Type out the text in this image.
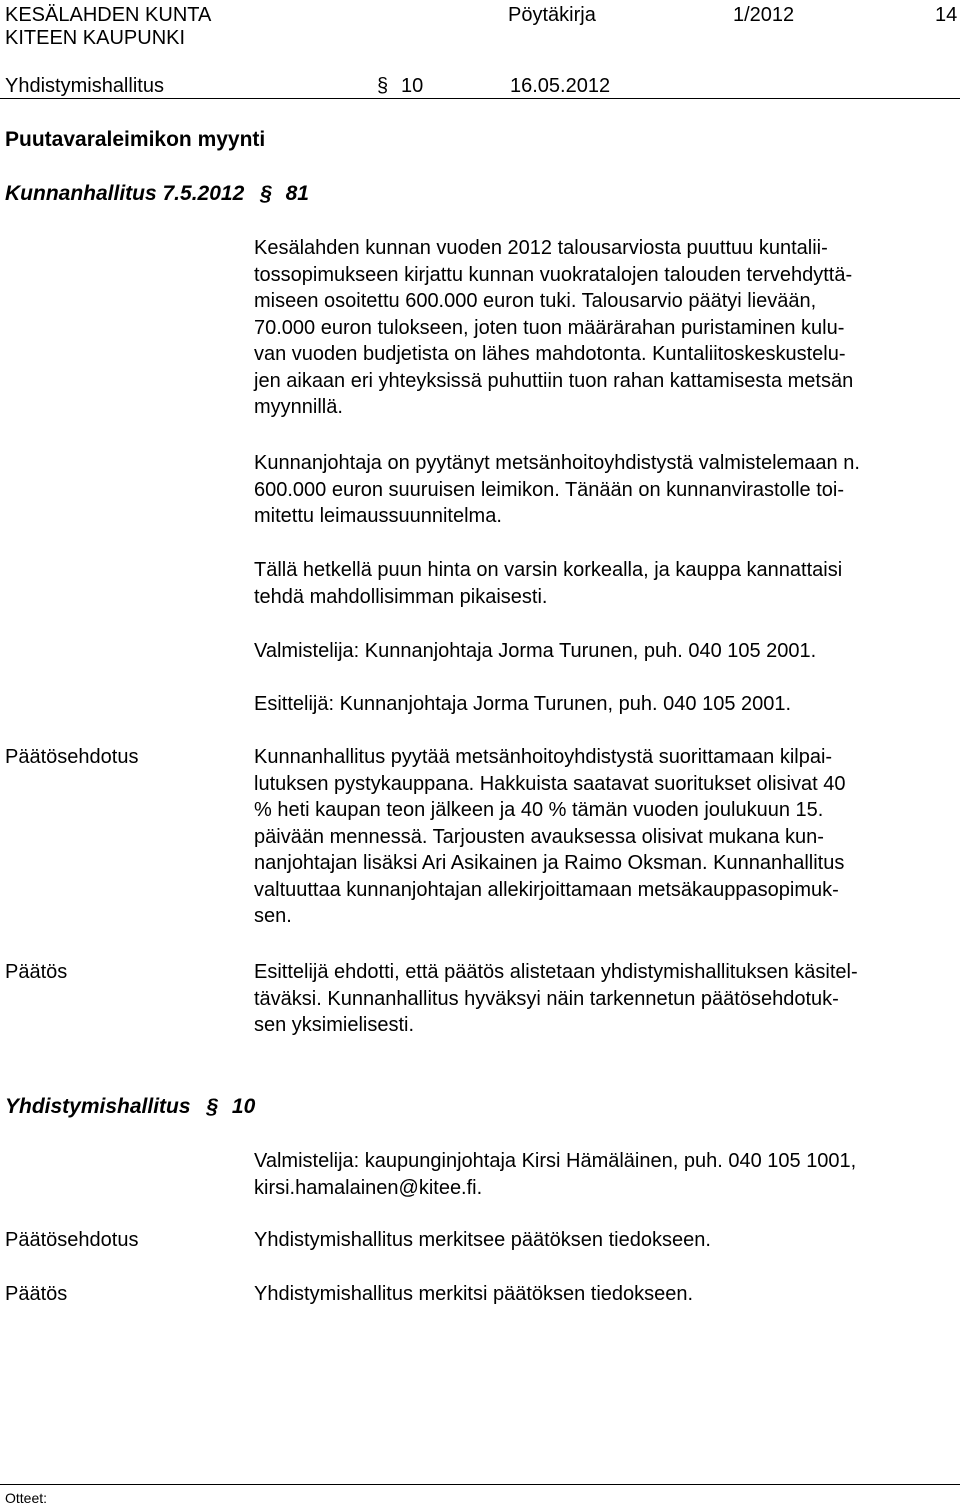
KESÄLAHDEN KUNTA
KITEEN KAUPUNKI
Pöytäkirja	1/2012	14
Yhdistymishallitus	§ 10	16.05.2012
Puutavaraleimikon myynti
Kunnanhallitus 7.5.2012 § 81
Kesälahden kunnan vuoden 2012 talousarviosta puuttuu kuntalii-
tossopimukseen kirjattu kunnan vuokratalojen talouden tervehdyttä-
miseen osoitettu 600.000 euron tuki. Talousarvio päätyi lievään,
70.000 euron tulokseen, joten tuon määrärahan puristaminen kulu-
van vuoden budjetista on lähes mahdotonta. Kuntaliitoskeskustelu-
jen aikaan eri yhteyksissä puhuttiin tuon rahan kattamisesta metsän
myynnillä.
Kunnanjohtaja on pyytänyt metsänhoitoyhdistystä valmistelemaan n.
600.000 euron suuruisen leimikon. Tänään on kunnanvirastolle toi-
mitettu leimaussuunnitelma.
Tällä hetkellä puun hinta on varsin korkealla, ja kauppa kannattaisi
tehdä mahdollisimman pikaisesti.
Valmistelija: Kunnanjohtaja Jorma Turunen, puh. 040 105 2001.
Esittelijä: Kunnanjohtaja Jorma Turunen, puh. 040 105 2001.
Päätösehdotus	Kunnanhallitus pyytää metsänhoitoyhdistystä suorittamaan kilpai-
lutuksen pystykauppana. Hakkuista saatavat suoritukset olisivat 40
% heti kaupan teon jälkeen ja 40 % tämän vuoden joulukuun 15.
päivään mennessä. Tarjousten avauksessa olisivat mukana kun-
nanjohtajan lisäksi Ari Asikainen ja Raimo Oksman. Kunnanhallitus
valtuuttaa kunnanjohtajan allekirjoittamaan metsäkauppasopimuk-
sen.
Päätös	Esittelijä ehdotti, että päätös alistetaan yhdistymishallituksen käsitel-
täväksi. Kunnanhallitus hyväksyi näin tarkennetun päätösehdotuk-
sen yksimielisesti.
Yhdistymishallitus § 10
Valmistelija: kaupunginjohtaja Kirsi Hämäläinen, puh. 040 105 1001,
kirsi.hamalainen@kitee.fi.
Päätösehdotus	Yhdistymishallitus merkitsee päätöksen tiedokseen.
Päätös	Yhdistymishallitus merkitsi päätöksen tiedokseen.
Otteet:
